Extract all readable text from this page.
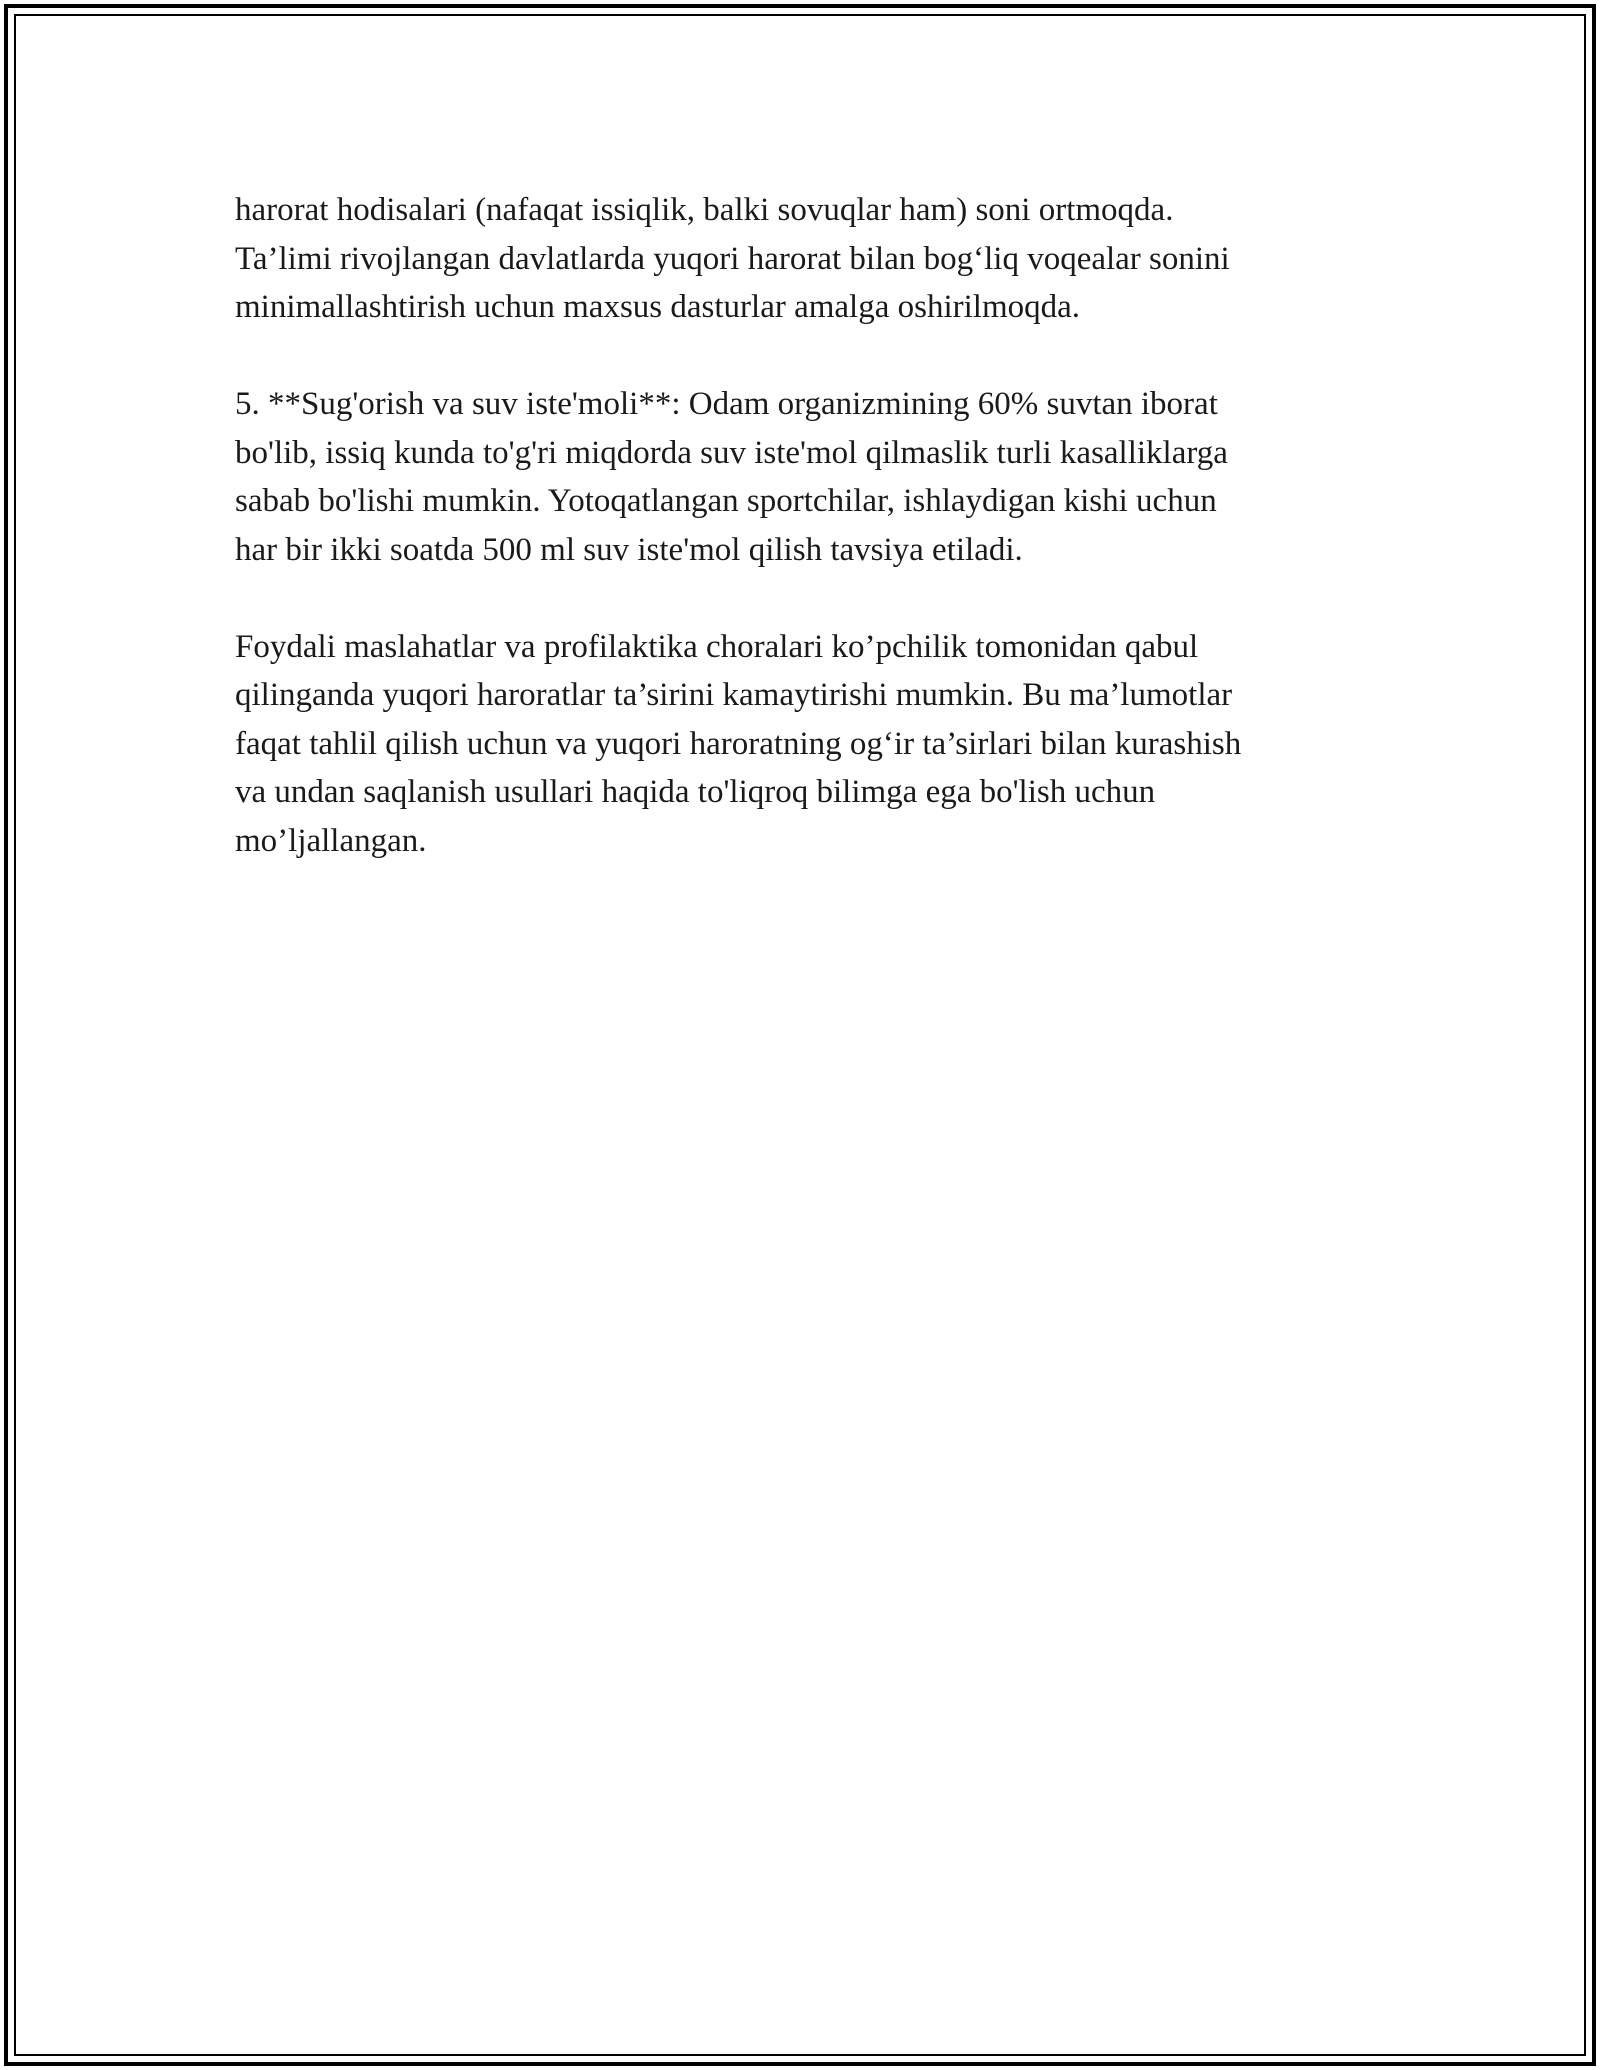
harorat hodisalari (nafaqat issiqlik, balki sovuqlar ham) soni ortmoqda.
Ta’limi rivojlangan davlatlarda yuqori harorat bilan bog‘liq voqealar sonini
minimallashtirish uchun maxsus dasturlar amalga oshirilmoqda.

5. **Sug'orish va suv iste'moli**: Odam organizmining 60% suvtan iborat
bo'lib, issiq kunda to'g'ri miqdorda suv iste'mol qilmaslik turli kasalliklarga
sabab bo'lishi mumkin. Yotoqatlangan sportchilar, ishlaydigan kishi uchun
har bir ikki soatda 500 ml suv iste'mol qilish tavsiya etiladi.

Foydali maslahatlar va profilaktika choralari ko’pchilik tomonidan qabul
qilinganda yuqori haroratlar ta’sirini kamaytirishi mumkin. Bu ma’lumotlar
faqat tahlil qilish uchun va yuqori haroratning og‘ir ta’sirlari bilan kurashish
va undan saqlanish usullari haqida to'liqroq bilimga ega bo'lish uchun
mo’ljallangan.
